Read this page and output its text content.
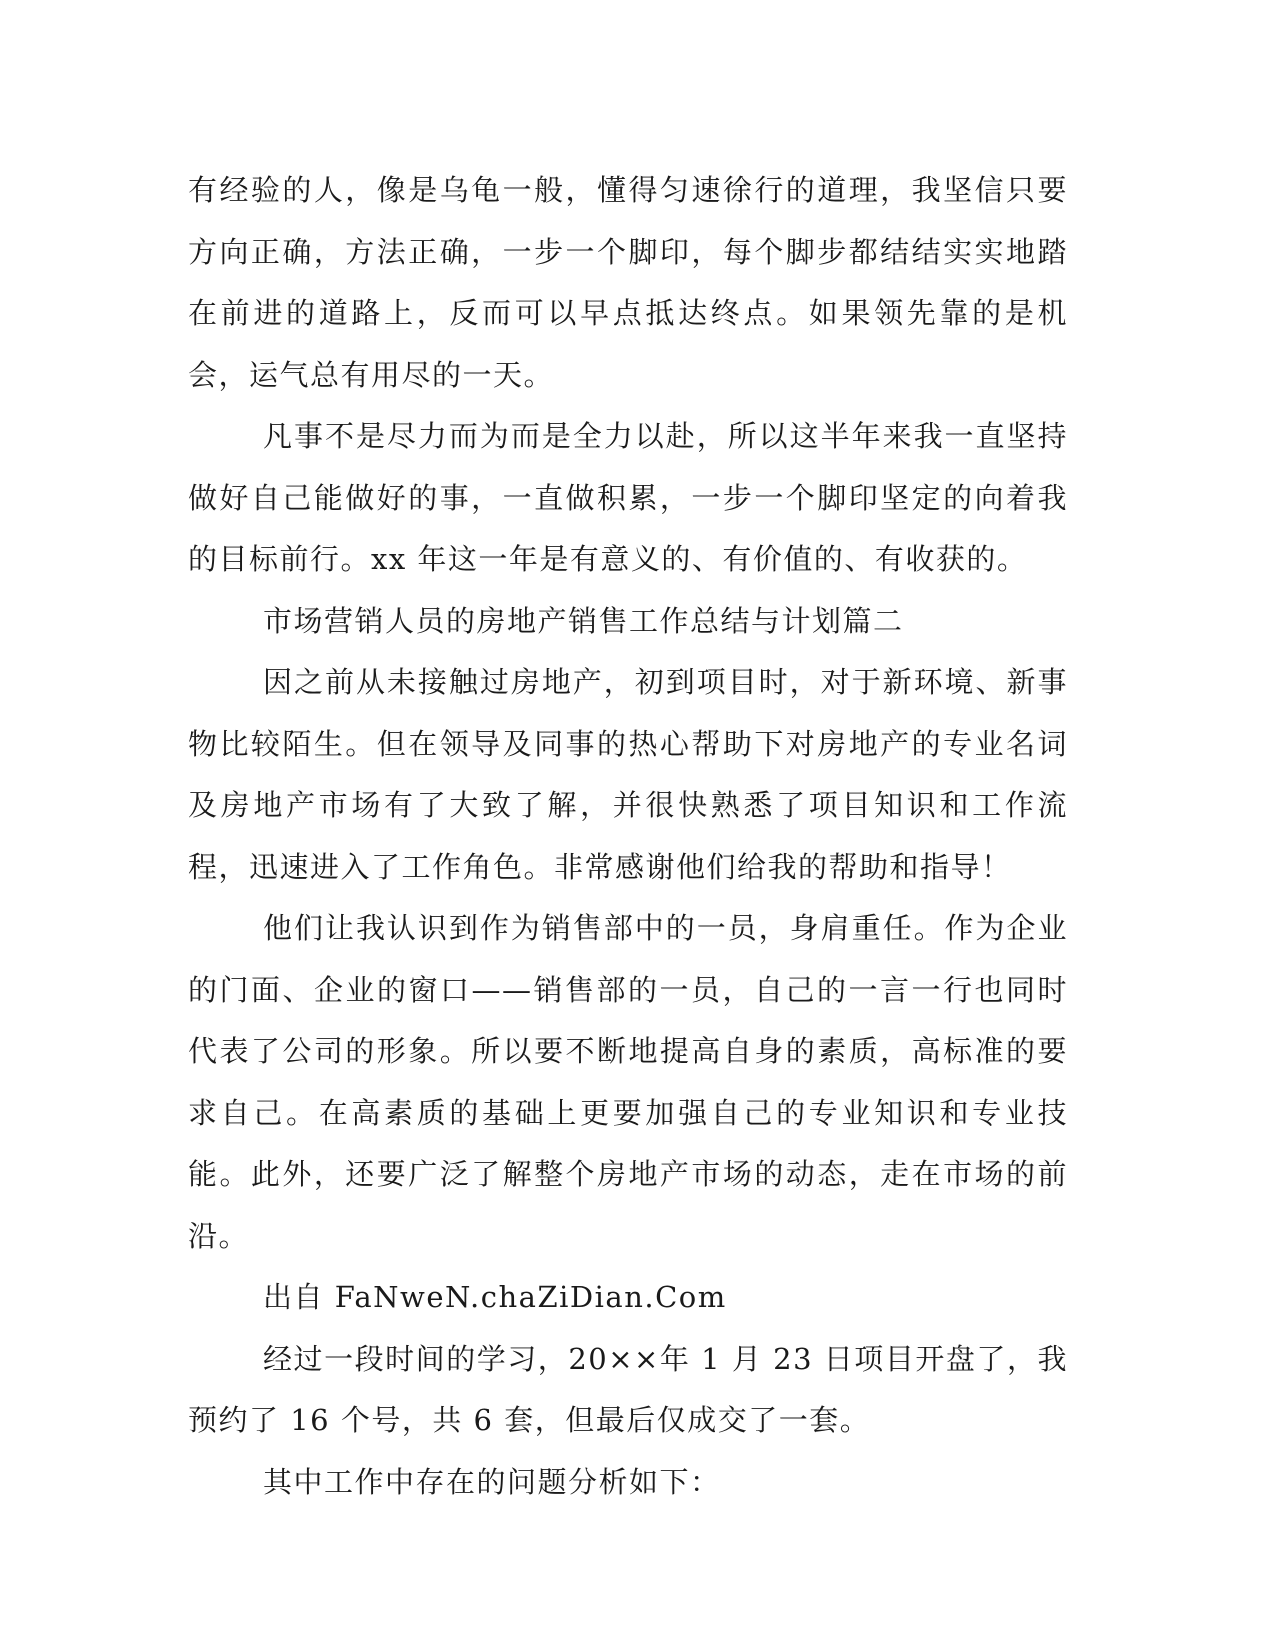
有经验的人，像是乌龟一般，懂得匀速徐行的道理，我坚信只要方向正确，方法正确，一步一个脚印，每个脚步都结结实实地踏在前进的道路上，反而可以早点抵达终点。如果领先靠的是机会，运气总有用尽的一天。

凡事不是尽力而为而是全力以赴，所以这半年来我一直坚持做好自己能做好的事，一直做积累，一步一个脚印坚定的向着我的目标前行。xx 年这一年是有意义的、有价值的、有收获的。

市场营销人员的房地产销售工作总结与计划篇二

因之前从未接触过房地产，初到项目时，对于新环境、新事物比较陌生。但在领导及同事的热心帮助下对房地产的专业名词及房地产市场有了大致了解，并很快熟悉了项目知识和工作流程，迅速进入了工作角色。非常感谢他们给我的帮助和指导！

他们让我认识到作为销售部中的一员，身肩重任。作为企业的门面、企业的窗口——销售部的一员，自己的一言一行也同时代表了公司的形象。所以要不断地提高自身的素质，高标准的要求自己。在高素质的基础上更要加强自己的专业知识和专业技能。此外，还要广泛了解整个房地产市场的动态，走在市场的前沿。

出自 FaNweN.chaZiDian.Com

经过一段时间的学习，20××年 1 月 23 日项目开盘了，我预约了 16 个号，共 6 套，但最后仅成交了一套。

其中工作中存在的问题分析如下：
